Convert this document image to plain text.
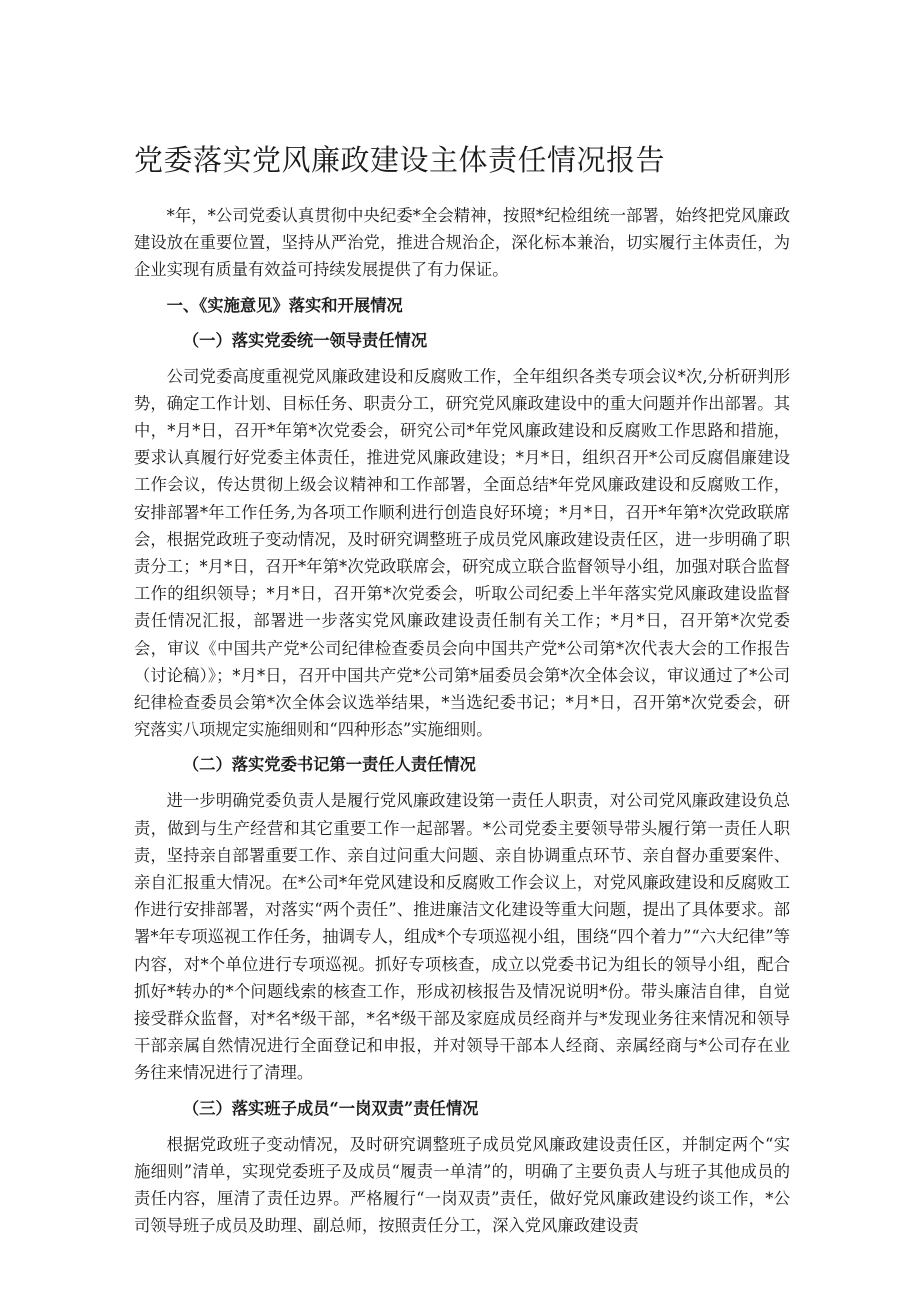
党委落实党风廉政建设主体责任情况报告

*年，*公司党委认真贯彻中央纪委*全会精神，按照*纪检组统一部署，始终把党风廉政建设放在重要位置，坚持从严治党，推进合规治企，深化标本兼治，切实履行主体责任，为企业实现有质量有效益可持续发展提供了有力保证。

一、《实施意见》落实和开展情况
（一）落实党委统一领导责任情况

公司党委高度重视党风廉政建设和反腐败工作，全年组织各类专项会议*次,分析研判形势，确定工作计划、目标任务、职责分工，研究党风廉政建设中的重大问题并作出部署。其中，*月*日，召开*年第*次党委会，研究公司*年党风廉政建设和反腐败工作思路和措施，要求认真履行好党委主体责任，推进党风廉政建设；*月*日，组织召开*公司反腐倡廉建设工作会议，传达贯彻上级会议精神和工作部署，全面总结*年党风廉政建设和反腐败工作，安排部署*年工作任务,为各项工作顺利进行创造良好环境；*月*日，召开*年第*次党政联席会，根据党政班子变动情况，及时研究调整班子成员党风廉政建设责任区，进一步明确了职责分工；*月*日，召开*年第*次党政联席会，研究成立联合监督领导小组，加强对联合监督工作的组织领导；*月*日，召开第*次党委会，听取公司纪委上半年落实党风廉政建设监督责任情况汇报，部署进一步落实党风廉政建设责任制有关工作；*月*日，召开第*次党委会，审议《中国共产党*公司纪律检查委员会向中国共产党*公司第*次代表大会的工作报告（讨论稿）》；*月*日，召开中国共产党*公司第*届委员会第*次全体会议，审议通过了*公司纪律检查委员会第*次全体会议选举结果，*当选纪委书记；*月*日，召开第*次党委会，研究落实八项规定实施细则和“四种形态”实施细则。

（二）落实党委书记第一责任人责任情况

进一步明确党委负责人是履行党风廉政建设第一责任人职责，对公司党风廉政建设负总责，做到与生产经营和其它重要工作一起部署。*公司党委主要领导带头履行第一责任人职责，坚持亲自部署重要工作、亲自过问重大问题、亲自协调重点环节、亲自督办重要案件、亲自汇报重大情况。在*公司*年党风建设和反腐败工作会议上，对党风廉政建设和反腐败工作进行安排部署，对落实“两个责任”、推进廉洁文化建设等重大问题，提出了具体要求。部署*年专项巡视工作任务，抽调专人，组成*个专项巡视小组，围绕“四个着力”“六大纪律”等内容，对*个单位进行专项巡视。抓好专项核查，成立以党委书记为组长的领导小组，配合抓好*转办的*个问题线索的核查工作，形成初核报告及情况说明*份。带头廉洁自律，自觉接受群众监督，对*名*级干部，*名*级干部及家庭成员经商并与*发现业务往来情况和领导干部亲属自然情况进行全面登记和申报，并对领导干部本人经商、亲属经商与*公司存在业务往来情况进行了清理。

（三）落实班子成员“一岗双责”责任情况

根据党政班子变动情况，及时研究调整班子成员党风廉政建设责任区，并制定两个“实施细则”清单，实现党委班子及成员“履责一单清”的，明确了主要负责人与班子其他成员的责任内容，厘清了责任边界。严格履行“一岗双责”责任，做好党风廉政建设约谈工作，*公司领导班子成员及助理、副总师，按照责任分工，深入党风廉政建设责
